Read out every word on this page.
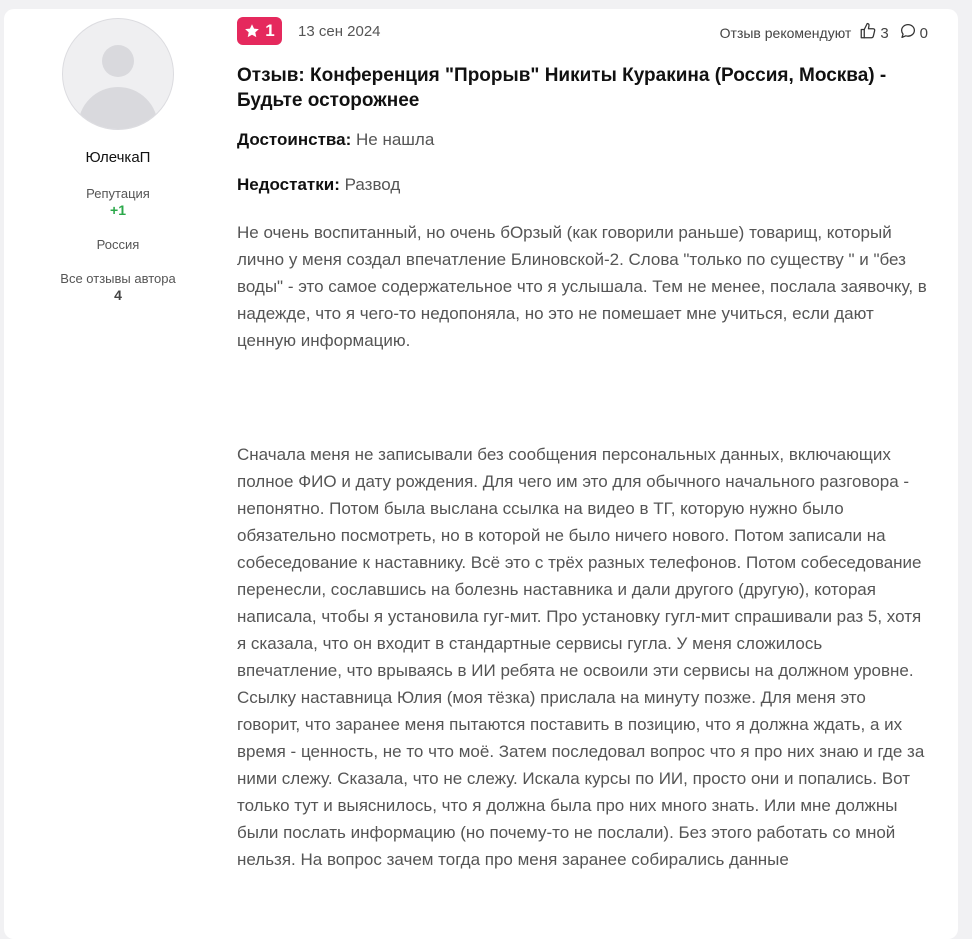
ЮлечкаП
Репутация
+1
Россия
Все отзывы автора
4
1 13 сен 2024	Отзыв рекомендуют 3 0
Отзыв: Конференция "Прорыв" Никиты Куракина (Россия, Москва) - Будьте осторожнее
Достоинства: Не нашла
Недостатки: Развод

Не очень воспитанный, но очень бОрзый (как говорили раньше) товарищ, который лично у меня создал впечатление Блиновской-2. Слова "только по существу " и "без воды" - это самое содержательное что я услышала. Тем не менее, послала заявочку, в надежде, что я чего-то недопоняла, но это не помешает мне учиться, если дают ценную информацию.

Сначала меня не записывали без сообщения персональных данных, включающих полное ФИО и дату рождения. Для чего им это для обычного начального разговора - непонятно. Потом была выслана ссылка на видео в ТГ, которую нужно было обязательно посмотреть, но в которой не было ничего нового. Потом записали на собеседование к наставнику. Всё это с трёх разных телефонов. Потом собеседование перенесли, сославшись на болезнь наставника и дали другого (другую), которая написала, чтобы я установила гуг-мит. Про установку гугл-мит спрашивали раз 5, хотя я сказала, что он входит в стандартные сервисы гугла. У меня сложилось впечатление, что врываясь в ИИ ребята не освоили эти сервисы на должном уровне. Ссылку наставница Юлия (моя тёзка) прислала на минуту позже. Для меня это говорит, что заранее меня пытаются поставить в позицию, что я должна ждать, а их время - ценность, не то что моё. Затем последовал вопрос что я про них знаю и где за ними слежу. Сказала, что не слежу. Искала курсы по ИИ, просто они и попались. Вот только тут и выяснилось, что я должна была про них много знать. Или мне должны были послать информацию (но почему-то не послали). Без этого работать со мной нельзя. На вопрос зачем тогда про меня заранее собирались данные
